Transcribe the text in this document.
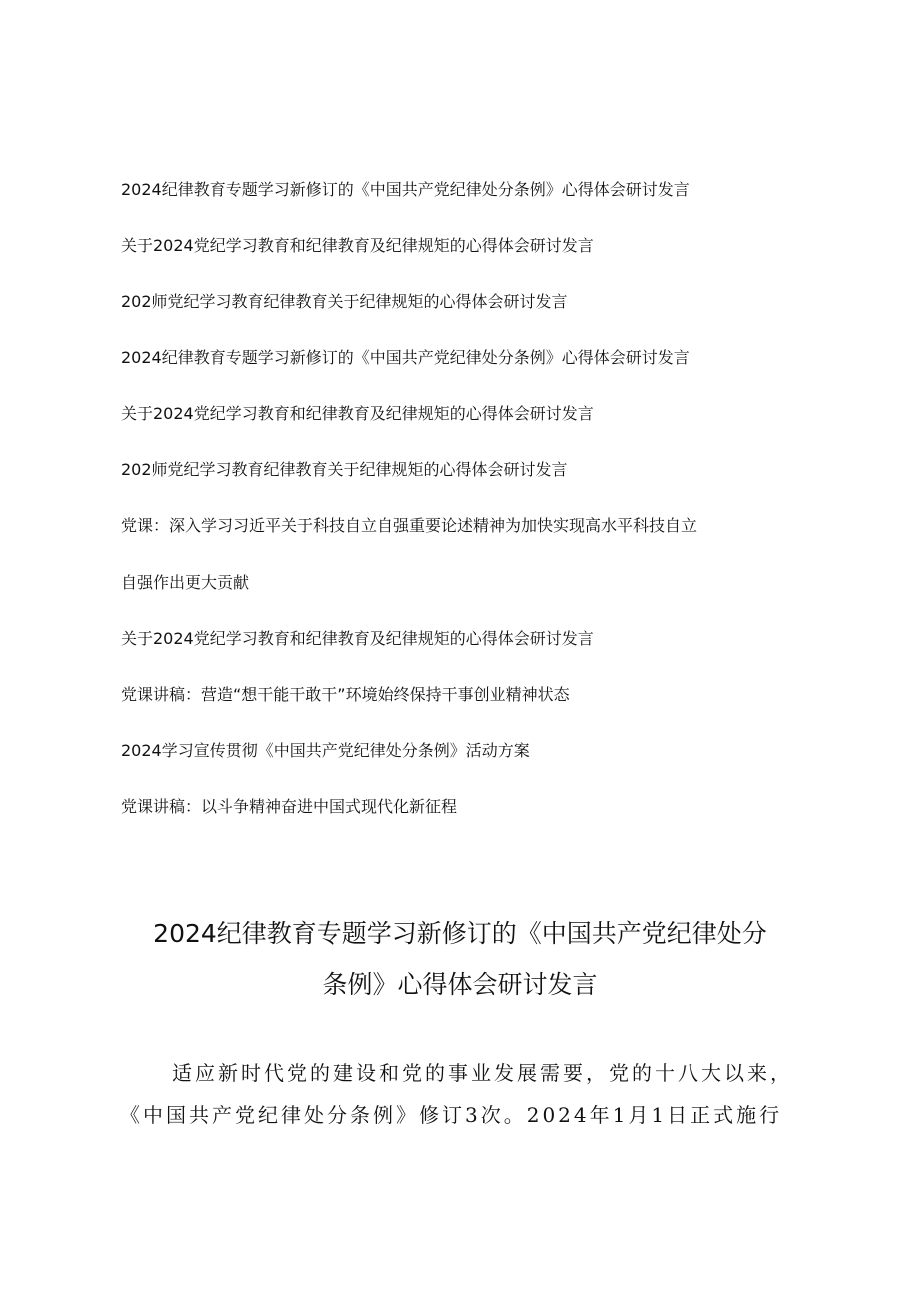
2024纪律教育专题学习新修订的《中国共产党纪律处分条例》心得体会研讨发言
关于2024党纪学习教育和纪律教育及纪律规矩的心得体会研讨发言
202师党纪学习教育纪律教育关于纪律规矩的心得体会研讨发言
2024纪律教育专题学习新修订的《中国共产党纪律处分条例》心得体会研讨发言
关于2024党纪学习教育和纪律教育及纪律规矩的心得体会研讨发言
202师党纪学习教育纪律教育关于纪律规矩的心得体会研讨发言
党课：深入学习习近平关于科技自立自强重要论述精神为加快实现高水平科技自立
自强作出更大贡献
关于2024党纪学习教育和纪律教育及纪律规矩的心得体会研讨发言
党课讲稿：营造“想干能干敢干”环境始终保持干事创业精神状态
2024学习宣传贯彻《中国共产党纪律处分条例》活动方案
党课讲稿：以斗争精神奋进中国式现代化新征程
2024纪律教育专题学习新修订的《中国共产党纪律处分
条例》心得体会研讨发言

适应新时代党的建设和党的事业发展需要，党的十八大以来，
《中国共产党纪律处分条例》修订3次。2024年1月1日正式施行
